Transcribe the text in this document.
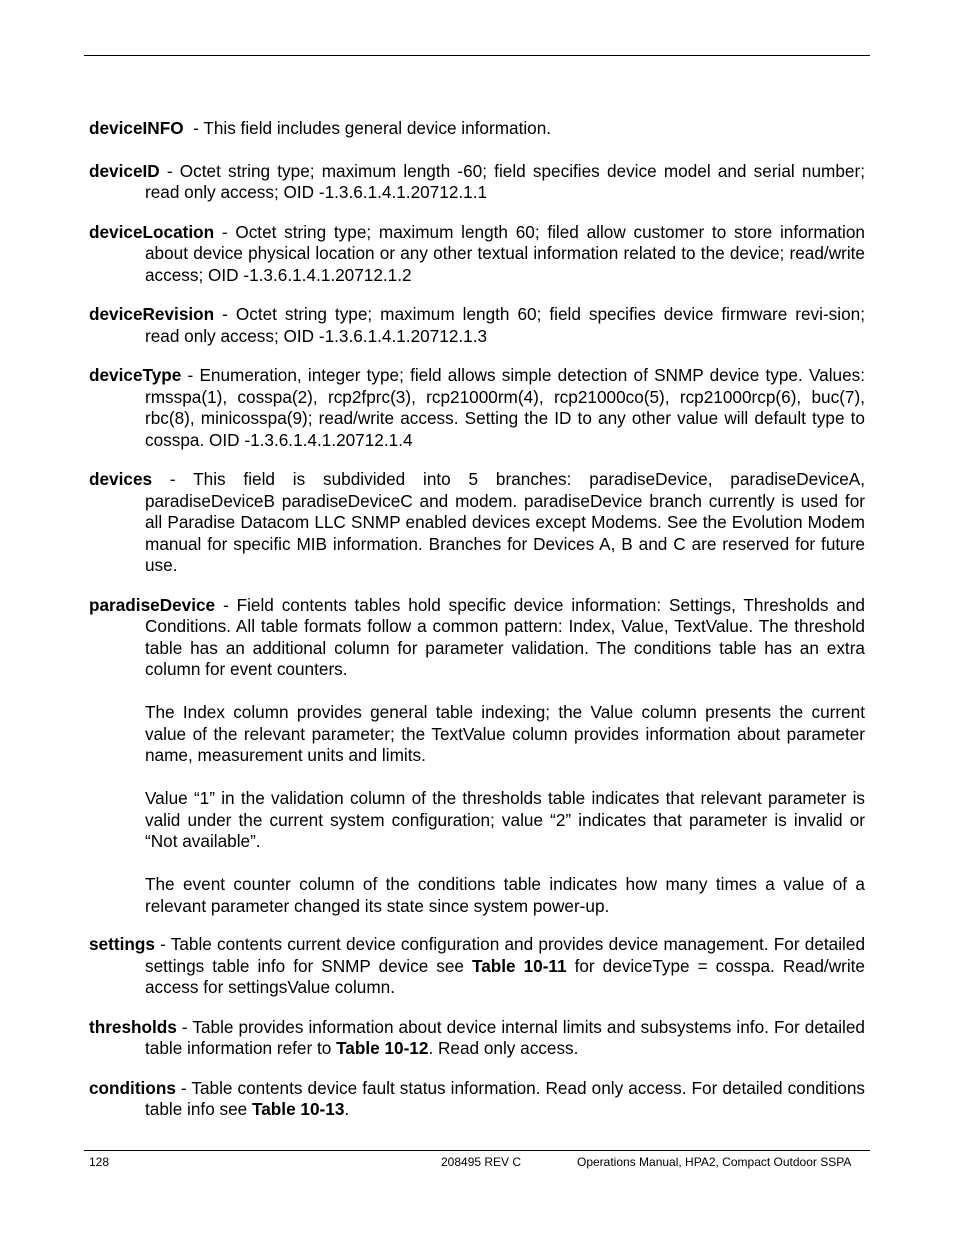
deviceINFO  - This field includes general device information.

deviceID - Octet string type; maximum length -60; field specifies device model and serial number; read only access; OID -1.3.6.1.4.1.20712.1.1

deviceLocation - Octet string type; maximum length 60; filed allow customer to store information about device physical location or any other textual information related to the device; read/write access; OID -1.3.6.1.4.1.20712.1.2

deviceRevision - Octet string type; maximum length 60; field specifies device firmware revi-sion; read only access; OID -1.3.6.1.4.1.20712.1.3

deviceType - Enumeration, integer type; field allows simple detection of SNMP device type. Values: rmsspa(1), cosspa(2), rcp2fprc(3), rcp21000rm(4), rcp21000co(5), rcp21000rcp(6), buc(7), rbc(8), minicosspa(9); read/write access. Setting the ID to any other value will default type to cosspa. OID -1.3.6.1.4.1.20712.1.4

devices - This field is subdivided into 5 branches: paradiseDevice, paradiseDeviceA, paradiseDeviceB paradiseDeviceC and modem. paradiseDevice branch currently is used for all Paradise Datacom LLC SNMP enabled devices except Modems. See the Evolution Modem manual for specific MIB information. Branches for Devices A, B and C are reserved for future use.

paradiseDevice - Field contents tables hold specific device information: Settings, Thresholds and Conditions. All table formats follow a common pattern: Index, Value, TextValue. The threshold table has an additional column for parameter validation. The conditions table has an extra column for event counters.

The Index column provides general table indexing; the Value column presents the current value of the relevant parameter; the TextValue column provides information about parameter name, measurement units and limits.

Value “1” in the validation column of the thresholds table indicates that relevant parameter is valid under the current system configuration; value “2” indicates that parameter is invalid or “Not available”.

The event counter column of the conditions table indicates how many times a value of a relevant parameter changed its state since system power-up.

settings - Table contents current device configuration and provides device management. For detailed settings table info for SNMP device see Table 10-11 for deviceType = cosspa. Read/write access for settingsValue column.

thresholds - Table provides information about device internal limits and subsystems info. For detailed table information refer to Table 10-12. Read only access.

conditions - Table contents device fault status information. Read only access. For detailed conditions table info see Table 10-13.

128	208495 REV C	Operations Manual, HPA2, Compact Outdoor SSPA
